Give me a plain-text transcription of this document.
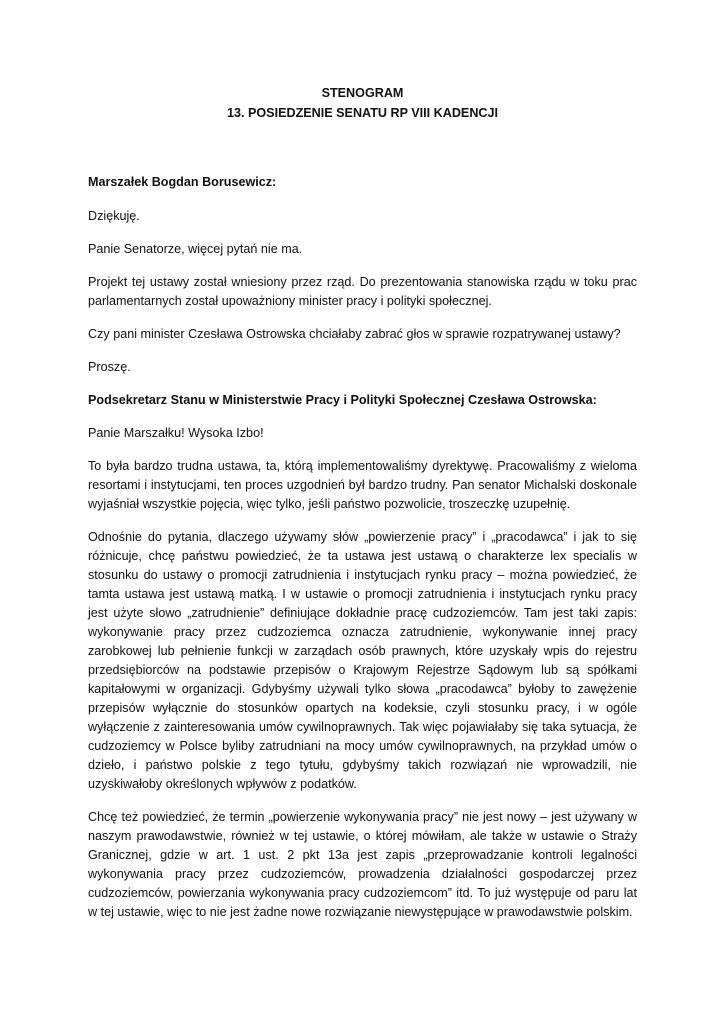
STENOGRAM
13. POSIEDZENIE SENATU RP VIII KADENCJI

Marszałek Bogdan Borusewicz:

Dziękuję.

Panie Senatorze, więcej pytań nie ma.

Projekt tej ustawy został wniesiony przez rząd. Do prezentowania stanowiska rządu w toku prac parlamentarnych został upoważniony minister pracy i polityki społecznej.

Czy pani minister Czesława Ostrowska chciałaby zabrać głos w sprawie rozpatrywanej ustawy?

Proszę.

Podsekretarz Stanu w Ministerstwie Pracy i Polityki Społecznej Czesława Ostrowska:

Panie Marszałku! Wysoka Izbo!

To była bardzo trudna ustawa, ta, którą implementowaliśmy dyrektywę. Pracowaliśmy z wieloma resortami i instytucjami, ten proces uzgodnień był bardzo trudny. Pan senator Michalski doskonale wyjaśniał wszystkie pojęcia, więc tylko, jeśli państwo pozwolicie, troszeczkę uzupełnię.

Odnośnie do pytania, dlaczego używamy słów „powierzenie pracy” i „pracodawca” i jak to się różnicuje, chcę państwu powiedzieć, że ta ustawa jest ustawą o charakterze lex specialis w stosunku do ustawy o promocji zatrudnienia i instytucjach rynku pracy – można powiedzieć, że tamta ustawa jest ustawą matką. I w ustawie o promocji zatrudnienia i instytucjach rynku pracy jest użyte słowo „zatrudnienie” definiujące dokładnie pracę cudzoziemców. Tam jest taki zapis: wykonywanie pracy przez cudzoziemca oznacza zatrudnienie, wykonywanie innej pracy zarobkowej lub pełnienie funkcji w zarządach osób prawnych, które uzyskały wpis do rejestru przedsiębiorców na podstawie przepisów o Krajowym Rejestrze Sądowym lub są spółkami kapitałowymi w organizacji. Gdybyśmy używali tylko słowa „pracodawca” byłoby to zawężenie przepisów wyłącznie do stosunków opartych na kodeksie, czyli stosunku pracy, i w ogóle wyłączenie z zainteresowania umów cywilnoprawnych. Tak więc pojawiałaby się taka sytuacja, że cudzoziemcy w Polsce byliby zatrudniani na mocy umów cywilnoprawnych, na przykład umów o dzieło, i państwo polskie z tego tytułu, gdybyśmy takich rozwiązań nie wprowadzili, nie uzyskiwałoby określonych wpływów z podatków.

Chcę też powiedzieć, że termin „powierzenie wykonywania pracy” nie jest nowy – jest używany w naszym prawodawstwie, również w tej ustawie, o której mówiłam, ale także w ustawie o Straży Granicznej, gdzie w art. 1 ust. 2 pkt 13a jest zapis „przeprowadzanie kontroli legalności wykonywania pracy przez cudzoziemców, prowadzenia działalności gospodarczej przez cudzoziemców, powierzania wykonywania pracy cudzoziemcom” itd. To już występuje od paru lat w tej ustawie, więc to nie jest żadne nowe rozwiązanie niewystępujące w prawodawstwie polskim.
